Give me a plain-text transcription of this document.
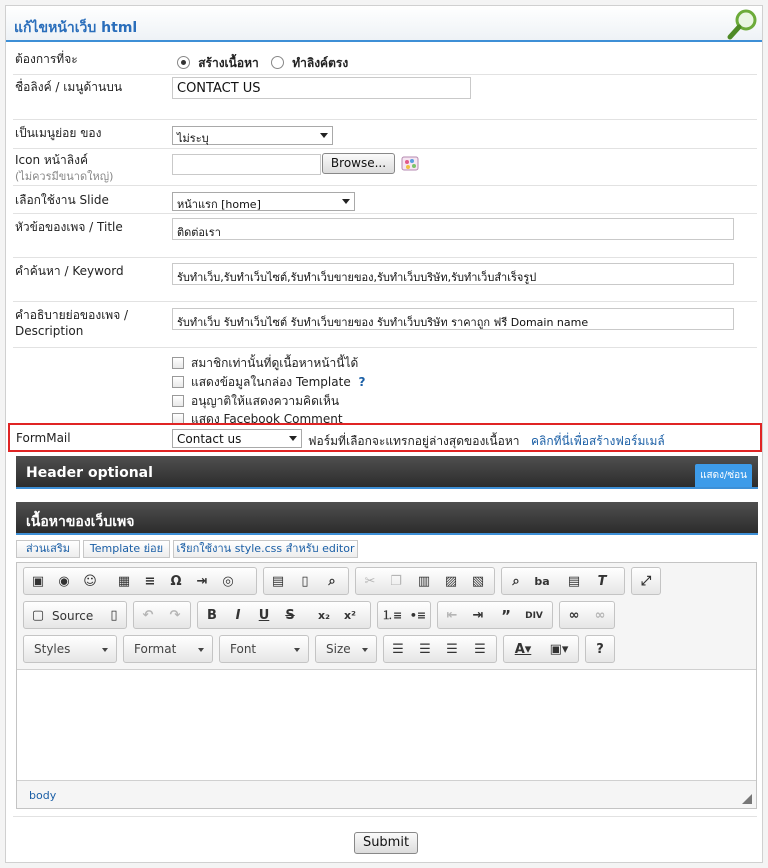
แก้ไขหน้าเว็บ html
ต้องการที่จะ	สร้างเนื้อหา	ทำลิงค์ตรง
ชื่อลิงค์ / เมนูด้านบน	CONTACT US
เป็นเมนูย่อย ของ	ไม่ระบุ
Icon หน้าลิงค์
(ไม่ควรมีขนาดใหญ่)
Browse...
เลือกใช้งาน Slide	หน้าแรก [home]
หัวข้อของเพจ / Title	ติดต่อเรา
คำค้นหา / Keyword	รับทำเว็บ,รับทำเว็บไซต์,รับทำเว็บขายของ,รับทำเว็บบริษัท,รับทำเว็บสำเร็จรูป
คำอธิบายย่อของเพจ /
Description
รับทำเว็บ รับทำเว็บไซต์ รับทำเว็บขายของ รับทำเว็บบริษัท ราคาถูก ฟรี Domain name
สมาชิกเท่านั้นที่ดูเนื้อหาหน้านี้ได้
แสดงข้อมูลในกล่อง Template ?
อนุญาติให้แสดงความคิดเห็น
แสดง Facebook Comment
FormMail	Contact us	ฟอร์มที่เลือกจะแทรกอยู่ล่างสุดของเนื้อหา คลิกที่นี่เพื่อสร้างฟอร์มเมล์
Header optional	แสดง/ซ่อน
เนื้อหาของเว็บเพจ
ส่วนเสริม	Template ย่อย	เรียกใช้งาน style.css สำหรับ editor
▣	◉	☺ ▦	≡	Ω	⇥	◎	▤	▯	⌕	✂	❐	▥ ▨ ▧	⌕	ba ▤	T	⤢
▢ Source	▯	↶	↷	B	I	U	S	x₂	x²	⒈≡ •≡	⇤	⇥	”	DIV	∞	∞
Styles	Format	Font	Size	☰	☰	☰	☰	A▾	▣▾	?
body
Submit
